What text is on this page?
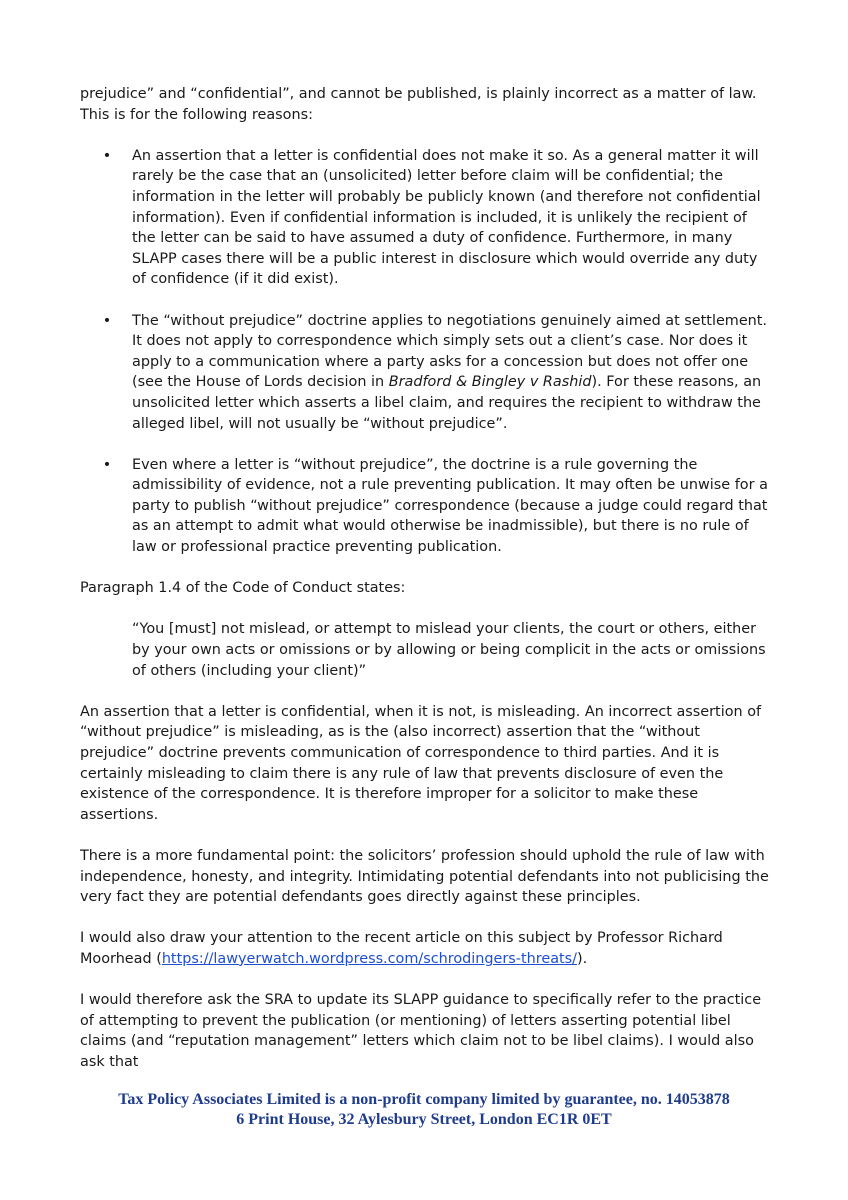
prejudice” and “confidential”, and cannot be published, is plainly incorrect as a matter of law. This is for the following reasons:

• An assertion that a letter is confidential does not make it so. As a general matter it will rarely be the case that an (unsolicited) letter before claim will be confidential; the information in the letter will probably be publicly known (and therefore not confidential information). Even if confidential information is included, it is unlikely the recipient of the letter can be said to have assumed a duty of confidence. Furthermore, in many SLAPP cases there will be a public interest in disclosure which would override any duty of confidence (if it did exist).
• The “without prejudice” doctrine applies to negotiations genuinely aimed at settlement. It does not apply to correspondence which simply sets out a client’s case. Nor does it apply to a communication where a party asks for a concession but does not offer one (see the House of Lords decision in Bradford & Bingley v Rashid). For these reasons, an unsolicited letter which asserts a libel claim, and requires the recipient to withdraw the alleged libel, will not usually be “without prejudice”.
• Even where a letter is “without prejudice”, the doctrine is a rule governing the admissibility of evidence, not a rule preventing publication. It may often be unwise for a party to publish “without prejudice” correspondence (because a judge could regard that as an attempt to admit what would otherwise be inadmissible), but there is no rule of law or professional practice preventing publication.

Paragraph 1.4 of the Code of Conduct states:

“You [must] not mislead, or attempt to mislead your clients, the court or others, either by your own acts or omissions or by allowing or being complicit in the acts or omissions of others (including your client)”

An assertion that a letter is confidential, when it is not, is misleading. An incorrect assertion of “without prejudice” is misleading, as is the (also incorrect) assertion that the “without prejudice” doctrine prevents communication of correspondence to third parties. And it is certainly misleading to claim there is any rule of law that prevents disclosure of even the existence of the correspondence. It is therefore improper for a solicitor to make these assertions.

There is a more fundamental point: the solicitors’ profession should uphold the rule of law with independence, honesty, and integrity. Intimidating potential defendants into not publicising the very fact they are potential defendants goes directly against these principles.

I would also draw your attention to the recent article on this subject by Professor Richard Moorhead (https://lawyerwatch.wordpress.com/schrodingers-threats/).

I would therefore ask the SRA to update its SLAPP guidance to specifically refer to the practice of attempting to prevent the publication (or mentioning) of letters asserting potential libel claims (and “reputation management” letters which claim not to be libel claims). I would also ask that

Tax Policy Associates Limited is a non-profit company limited by guarantee, no. 14053878
6 Print House, 32 Aylesbury Street, London EC1R 0ET
